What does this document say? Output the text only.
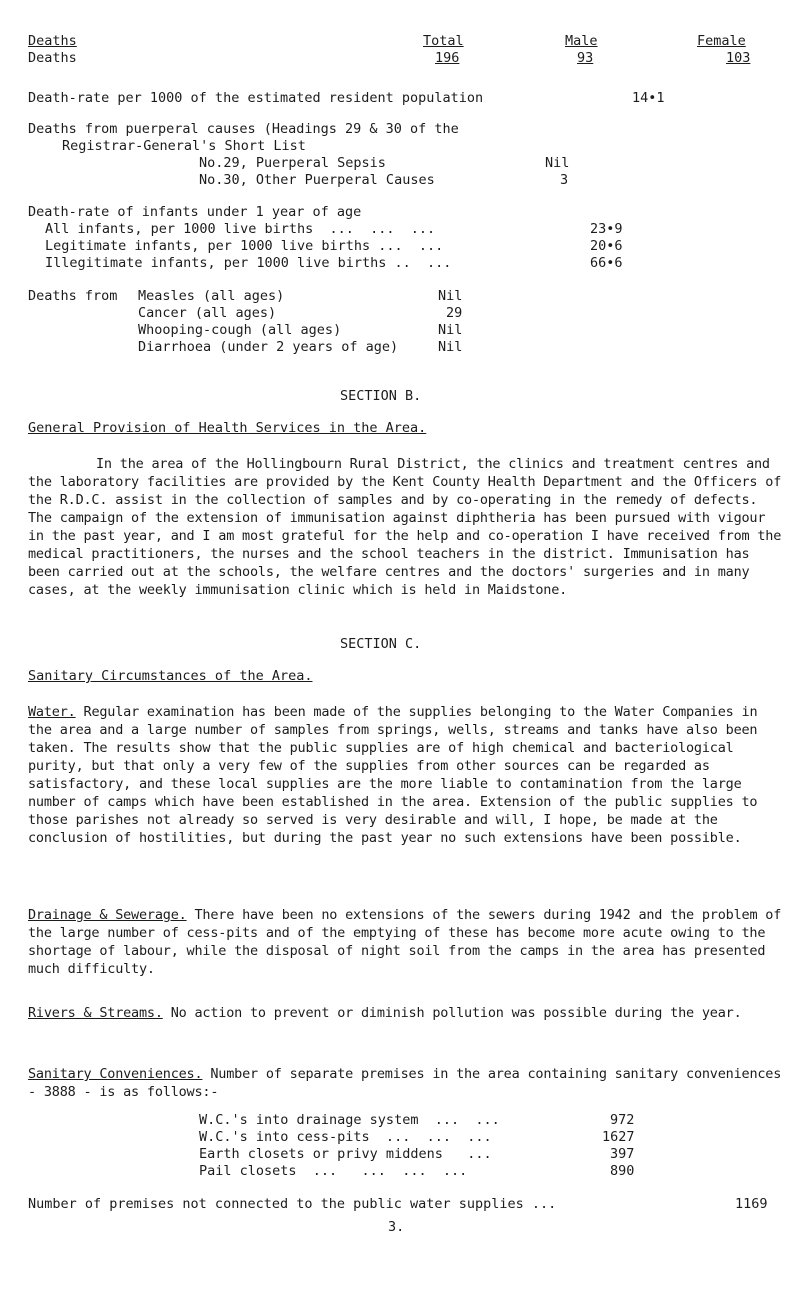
Deaths	Total	Male	Female
Deaths	196	93	103
Death-rate per 1000 of the estimated resident population	14•1
Deaths from puerperal causes (Headings 29 & 30 of the
Registrar-General's Short List
No.29, Puerperal Sepsis	Nil
No.30, Other Puerperal Causes	3
Death-rate of infants under 1 year of age
All infants, per 1000 live births  ...  ...  ...	23•9
Legitimate infants, per 1000 live births ...  ...	20•6
Illegitimate infants, per 1000 live births ..  ...	66•6
Deaths from Measles (all ages)	Nil
Cancer (all ages)	29
Whooping-cough (all ages)	Nil
Diarrhoea (under 2 years of age)	Nil
SECTION B.
General Provision of Health Services in the Area.
In the area of the Hollingbourn Rural District, the clinics and treatment centres and the laboratory facilities are provided by the Kent County Health Department and the Officers of the R.D.C. assist in the collection of samples and by co-operating in the remedy of defects. The campaign of the extension of immunisation against diphtheria has been pursued with vigour in the past year, and I am most grateful for the help and co-operation I have received from the medical practitioners, the nurses and the school teachers in the district. Immunisation has been carried out at the schools, the welfare centres and the doctors' surgeries and in many cases, at the weekly immunisation clinic which is held in Maidstone.
SECTION C.
Sanitary Circumstances of the Area.
Water. Regular examination has been made of the supplies belonging to the Water Companies in the area and a large number of samples from springs, wells, streams and tanks have also been taken. The results show that the public supplies are of high chemical and bacteriological purity, but that only a very few of the supplies from other sources can be regarded as satisfactory, and these local supplies are the more liable to contamination from the large number of camps which have been established in the area. Extension of the public supplies to those parishes not already so served is very desirable and will, I hope, be made at the conclusion of hostilities, but during the past year no such extensions have been possible.
Drainage & Sewerage. There have been no extensions of the sewers during 1942 and the problem of the large number of cess-pits and of the emptying of these has become more acute owing to the shortage of labour, while the disposal of night soil from the camps in the area has presented much difficulty.
Rivers & Streams. No action to prevent or diminish pollution was possible during the year.
Sanitary Conveniences. Number of separate premises in the area containing sanitary conveniences - 3888 - is as follows:-
W.C.'s into drainage system  ...  ...	972
W.C.'s into cess-pits  ...  ...  ...	1627
Earth closets or privy middens   ...	397
Pail closets  ...   ...  ...  ...	890
Number of premises not connected to the public water supplies ...	1169
3.
